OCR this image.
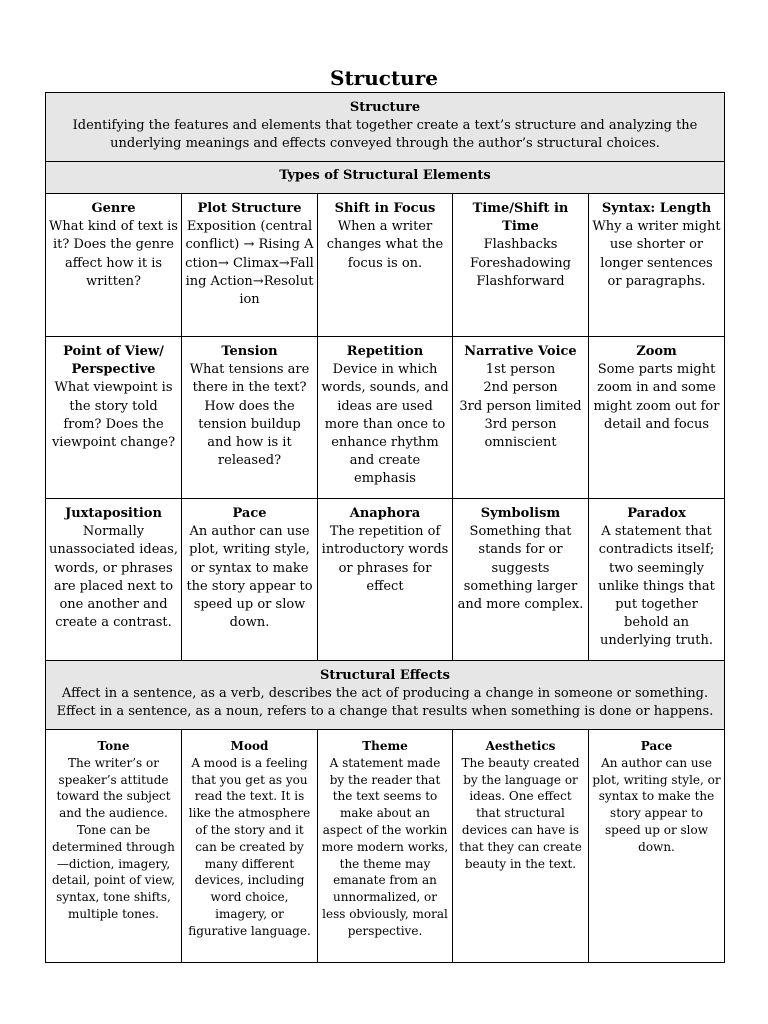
Structure
Structure
Identifying the features and elements that together create a text’s structure and analyzing the underlying meanings and effects conveyed through the author’s structural choices.				

Types of Structural Elements				

Genre
What kind of text is it? Does the genre affect how it is written?	Plot Structure
Exposition (central conflict) → Rising Action→ Climax→Falling Action→Resolution	Shift in Focus
When a writer changes what the focus is on.	Time/Shift in Time
Flashbacks
Foreshadowing
Flashforward	Syntax: Length
Why a writer might use shorter or longer sentences or paragraphs.

Point of View/ Perspective
What viewpoint is the story told from? Does the viewpoint change?	Tension
What tensions are there in the text? How does the tension buildup and how is it released?	Repetition
Device in which words, sounds, and ideas are used more than once to enhance rhythm and create emphasis	Narrative Voice
1st person
2nd person
3rd person limited
3rd person omniscient	Zoom
Some parts might zoom in and some might zoom out for detail and focus

Juxtaposition
Normally unassociated ideas, words, or phrases are placed next to one another and create a contrast.	Pace
An author can use plot, writing style, or syntax to make the story appear to speed up or slow down.	Anaphora
The repetition of introductory words or phrases for effect	Symbolism
Something that stands for or suggests something larger and more complex.	Paradox
A statement that contradicts itself; two seemingly unlike things that put together behold an underlying truth.

Structural Effects
Affect in a sentence, as a verb, describes the act of producing a change in someone or something. Effect in a sentence, as a noun, refers to a change that results when something is done or happens.				

Tone
The writer’s or speaker’s attitude toward the subject and the audience. Tone can be determined through—diction, imagery, detail, point of view, syntax, tone shifts, multiple tones.	Mood
A mood is a feeling that you get as you read the text. It is like the atmosphere of the story and it can be created by many different devices, including word choice, imagery, or figurative language.	Theme
A statement made by the reader that the text seems to make about an aspect of the workin more modern works, the theme may emanate from an unnormalized, or less obviously, moral perspective.	Aesthetics
The beauty created by the language or ideas. One effect that structural devices can have is that they can create beauty in the text.	Pace
An author can use plot, writing style, or syntax to make the story appear to speed up or slow down.
